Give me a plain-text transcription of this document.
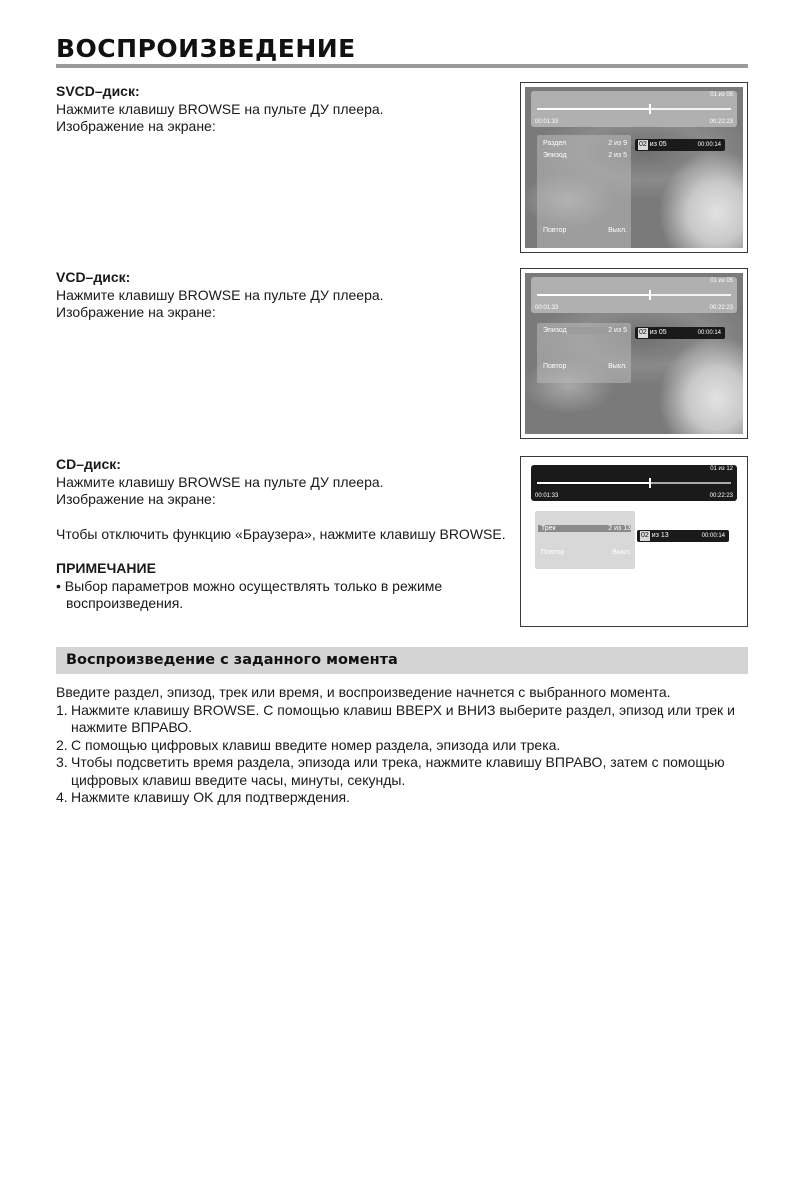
ВОСПРОИЗВЕДЕНИЕ

SVCD–диск:

Нажмите клавишу BROWSE на пульте ДУ плеера.

Изображение на экране:

01 из 05
00:01:33	00:22:23
Раздел	2 из 9
Эпизод	2 из 5
Повтор	Выкл.
02 из 05	00:00:14

VCD–диск:

Нажмите клавишу BROWSE на пульте ДУ плеера.

Изображение на экране:

01 из 05
00:01:33	00:22:23
Эпизод	2 из 5
Повтор	Выкл.
02 из 05	00:00:14

CD–диск:

Нажмите клавишу BROWSE на пульте ДУ плеера.

Изображение на экране:

Чтобы отключить функцию «Браузера», нажмите клавишу BROWSE.

ПРИМЕЧАНИЕ

• Выбор параметров можно осуществлять только в режиме воспроизведения.

01 из 12
00:01:33	00:22:23
Трек	2 из 13
Повтор	Выкл.
02 из 13	00:00:14
Воспроизведение с заданного момента

Введите раздел, эпизод, трек или время, и воспроизведение начнется с выбранного момента.

1. Нажмите клавишу BROWSE. С помощью клавиш ВВЕРХ и ВНИЗ выберите раздел, эпизод или трек и нажмите ВПРАВО.
2. С помощью цифровых клавиш введите номер раздела, эпизода или трека.
3. Чтобы подсветить время раздела, эпизода или трека, нажмите клавишу ВПРАВО, затем с помощью цифровых клавиш введите часы, минуты, секунды.
4. Нажмите клавишу OK для подтверждения.
